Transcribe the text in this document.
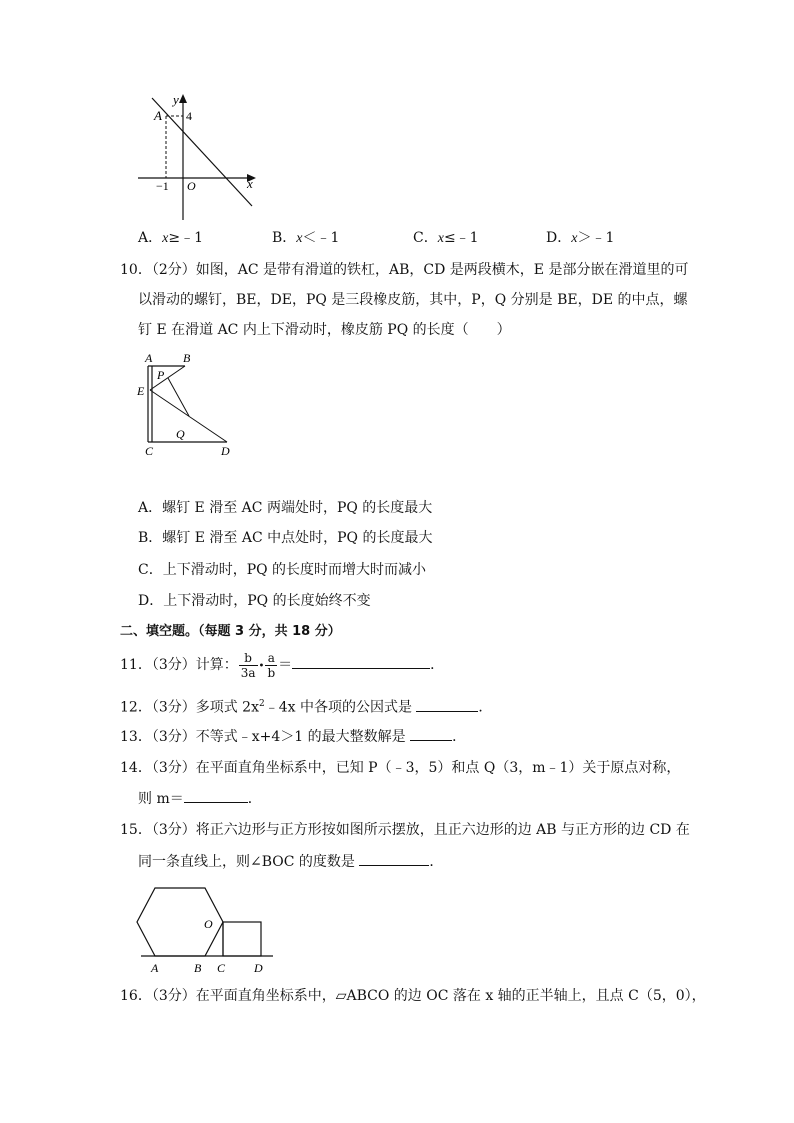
y
A 4
−1 O	x
A．x≥﹣1	B．x＜﹣1	C．x≤﹣1	D．x＞﹣1
10．（2分）如图，AC 是带有滑道的铁杠，AB，CD 是两段横木，E 是部分嵌在滑道里的可
以滑动的螺钉，BE，DE，PQ 是三段橡皮筋，其中，P，Q 分别是 BE，DE 的中点，螺
钉 E 在滑道 AC 内上下滑动时，橡皮筋 PQ 的长度（　　）
A	B
P
E
Q
C	D
A．螺钉 E 滑至 AC 两端处时，PQ 的长度最大
B．螺钉 E 滑至 AC 中点处时，PQ 的长度最大
C．上下滑动时，PQ 的长度时而增大时而减小
D．上下滑动时，PQ 的长度始终不变
二、填空题。（每题 3 分，共 18 分）
11．（3分）计算： $\frac{b}{3a}$ • $\frac{a}{b}$ ＝	．
12．（3分）多项式 $2x^2﹣4x$ 中各项的公因式是	．
13．（3分）不等式﹣x+4＞1 的最大整数解是	．
14．（3分）在平面直角坐标系中，已知 P（﹣3，5）和点 Q（3，m﹣1）关于原点对称，
则 m＝	．
15．（3分）将正六边形与正方形按如图所示摆放，且正六边形的边 AB 与正方形的边 CD 在
同一条直线上，则∠BOC 的度数是	．
O
A	B C D
16．（3分）在平面直角坐标系中，▱ABCO 的边 OC 落在 x 轴的正半轴上，且点 C（5，0），
